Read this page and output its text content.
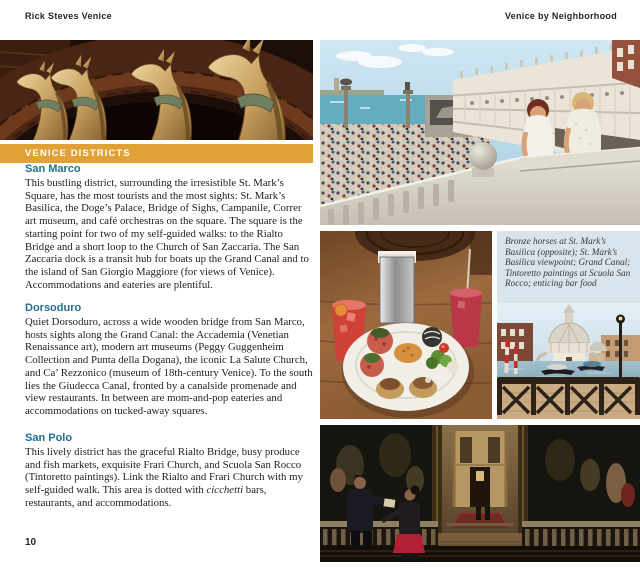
Rick Steves Venice	Venice by Neighborhood
Bronze horses at St. Mark’s Basilica (opposite); St. Mark’s Basilica viewpoint; Grand Canal; Tintoretto paintings at Scuola San Rocco; enticing bar food
VENICE DISTRICTS
San Marco

This bustling district, surrounding the irresistible St. Mark’s Square, has the most tourists and the most sights: St. Mark’s Basilica, the Doge’s Palace, Bridge of Sighs, Campanile, Correr art museum, and café orchestras on the square. The square is the starting point for two of my self-guided walks: to the Rialto Bridge and a short loop to the Church of San Zaccaria. The San Zaccaria dock is a transit hub for boats up the Grand Canal and to the island of San Giorgio Maggiore (for views of Venice). Accommodations and eateries are plentiful.

Dorsoduro

Quiet Dorsoduro, across a wide wooden bridge from San Marco, hosts sights along the Grand Canal: the Accademia (Venetian Renaissance art), modern art museums (Peggy Guggenheim Collection and Punta della Dogana), the iconic La Salute Church, and Ca’ Rezzonico (museum of 18th-century Venice). To the south lies the Giudecca Canal, fronted by a canalside promenade and view restaurants. In between are mom-and-pop eateries and accommodations on tucked-away squares.

San Polo

This lively district has the graceful Rialto Bridge, busy produce and fish markets, exquisite Frari Church, and Scuola San Rocco (Tintoretto paintings). Link the Rialto and Frari Church with my self-guided walk. This area is dotted with cicchetti bars, restaurants, and accommodations.

10
